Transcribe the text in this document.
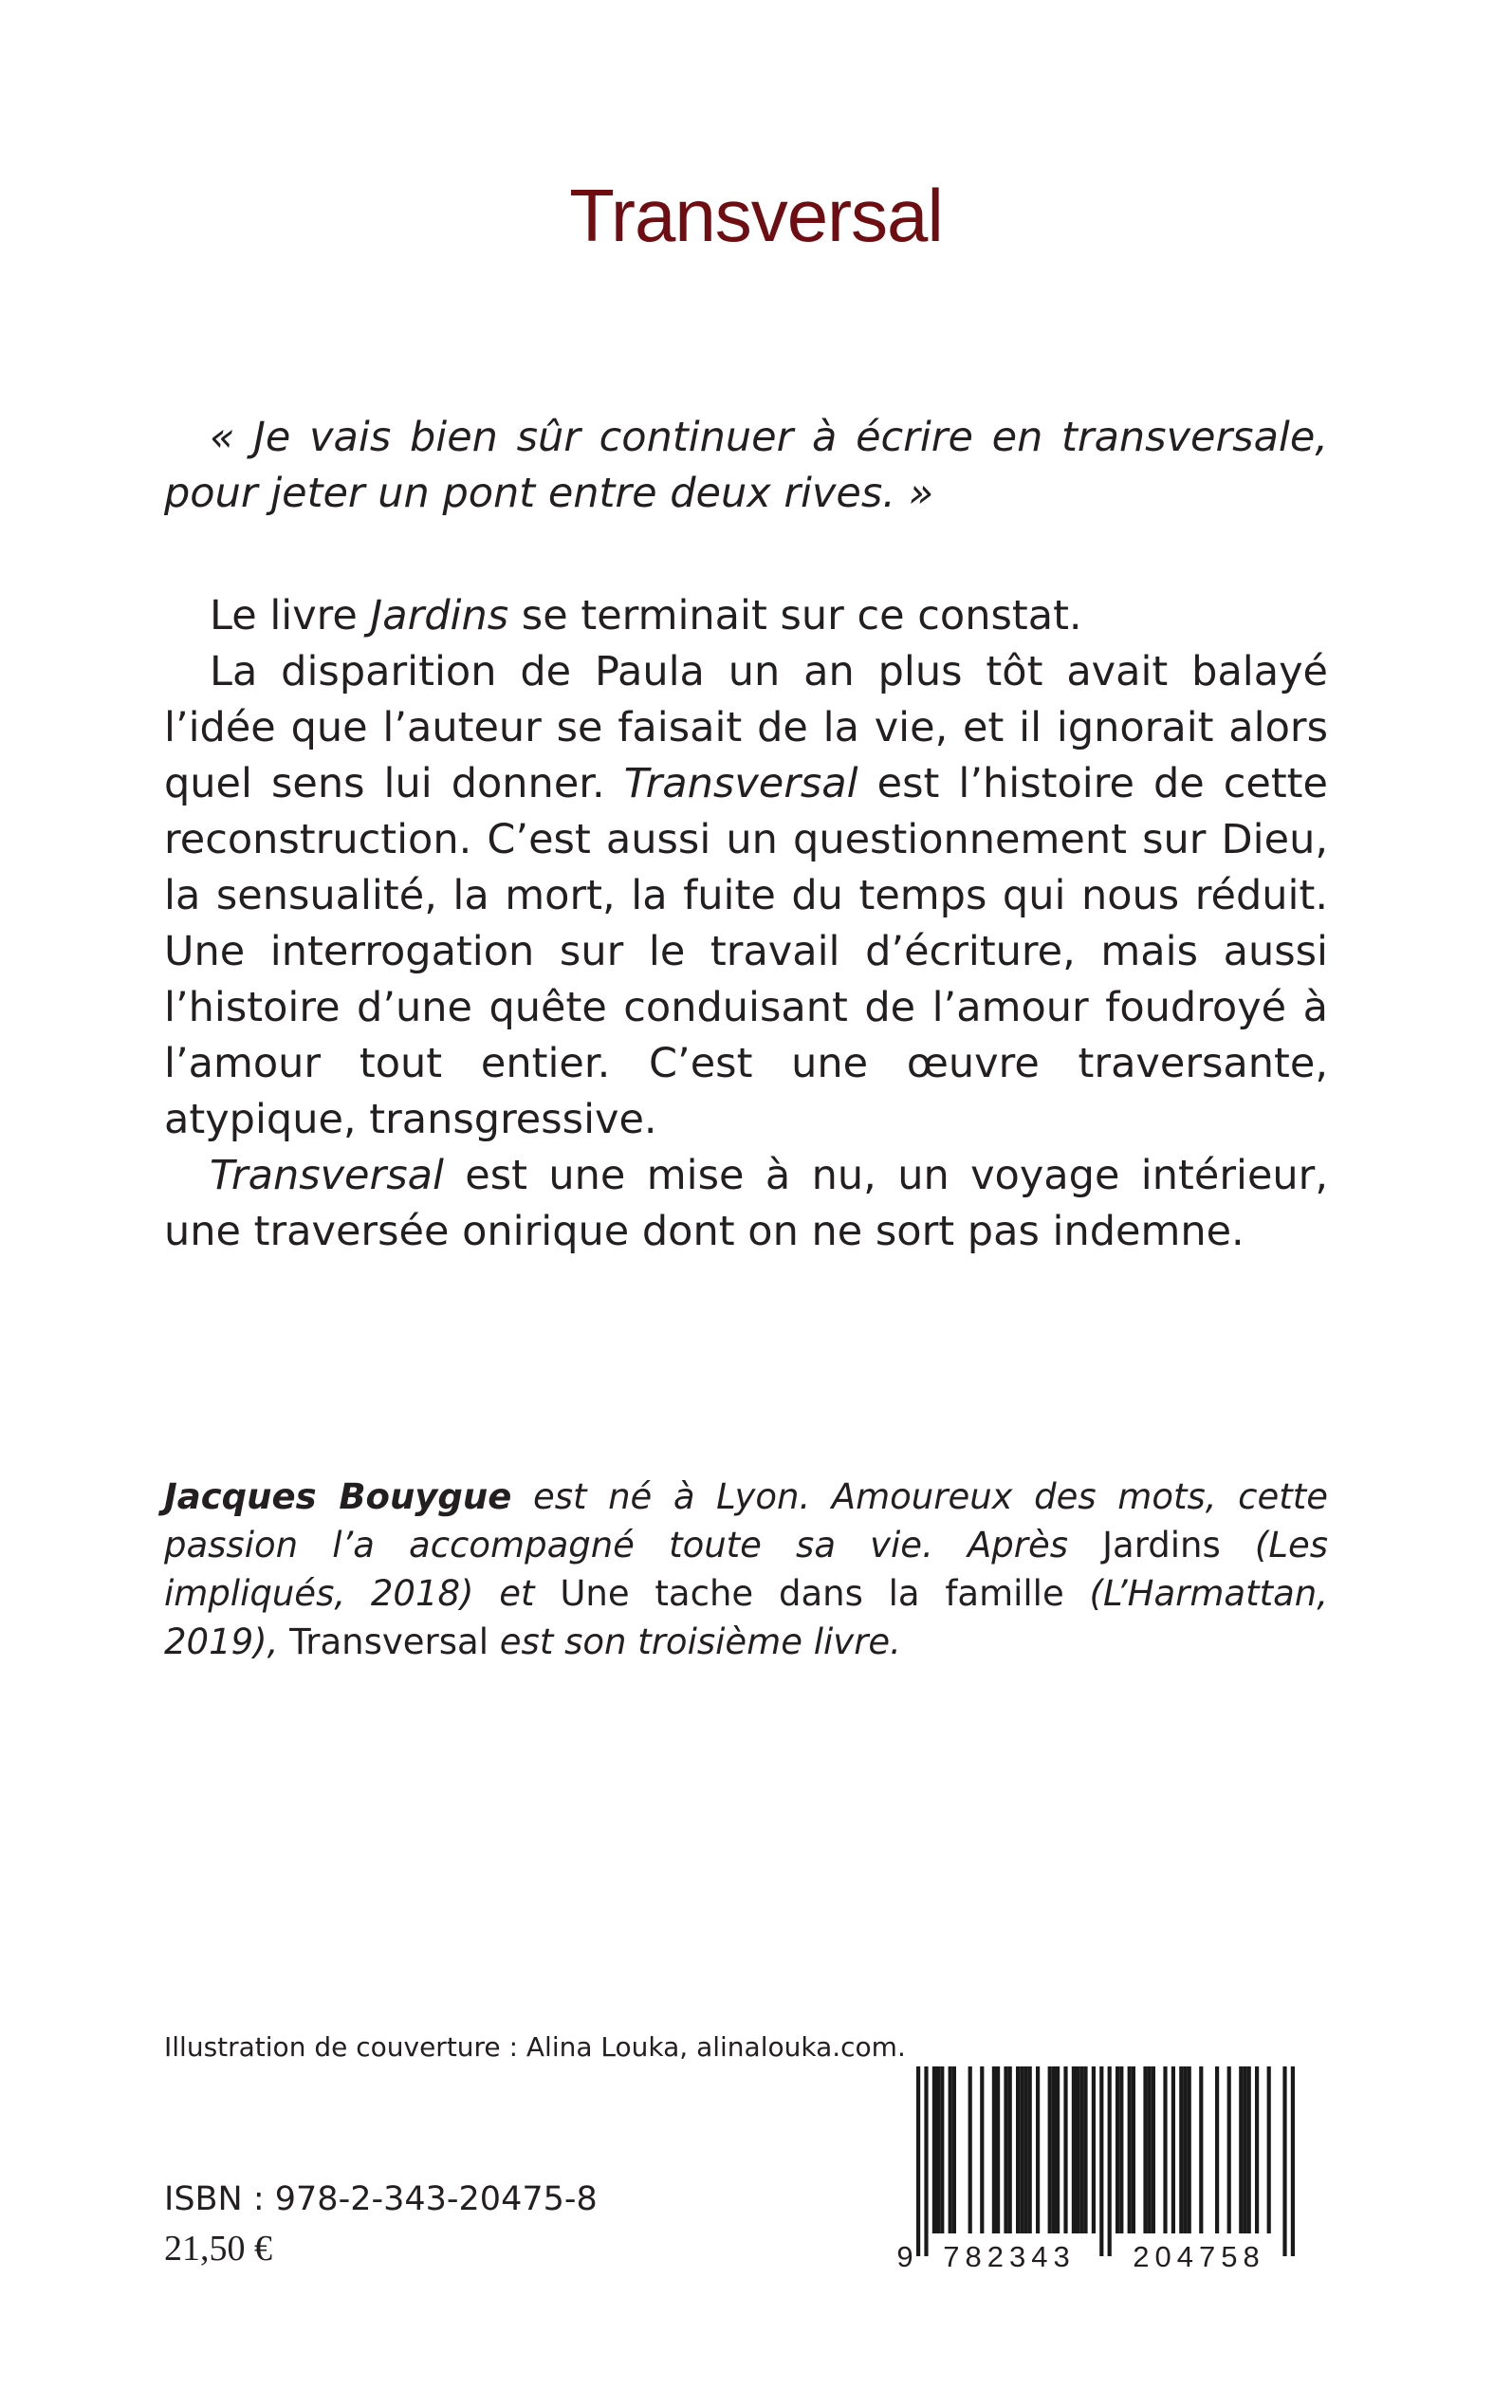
Transversal

« Je vais bien sûr continuer à écrire en transversale, pour jeter un pont entre deux rives. »

Le livre Jardins se terminait sur ce constat.

La disparition de Paula un an plus tôt avait balayé l’idée que l’auteur se faisait de la vie, et il ignorait alors quel sens lui donner. Transversal est l’histoire de cette reconstruction. C’est aussi un questionnement sur Dieu, la sensualité, la mort, la fuite du temps qui nous réduit. Une interrogation sur le travail d’écriture, mais aussi l’histoire d’une quête conduisant de l’amour foudroyé à l’amour tout entier. C’est une œuvre traversante, atypique, transgressive.

Transversal est une mise à nu, un voyage intérieur, une traversée onirique dont on ne sort pas indemne.

Jacques Bouygue est né à Lyon. Amoureux des mots, cette passion l’a accompagné toute sa vie. Après Jardins (Les impliqués, 2018) et Une tache dans la famille (L’Harmattan, 2019), Transversal est son troisième livre.

Illustration de couverture : Alina Louka, alinalouka.com.
ISBN : 978-2-343-20475-8
21,50 €	9 782343 204758
